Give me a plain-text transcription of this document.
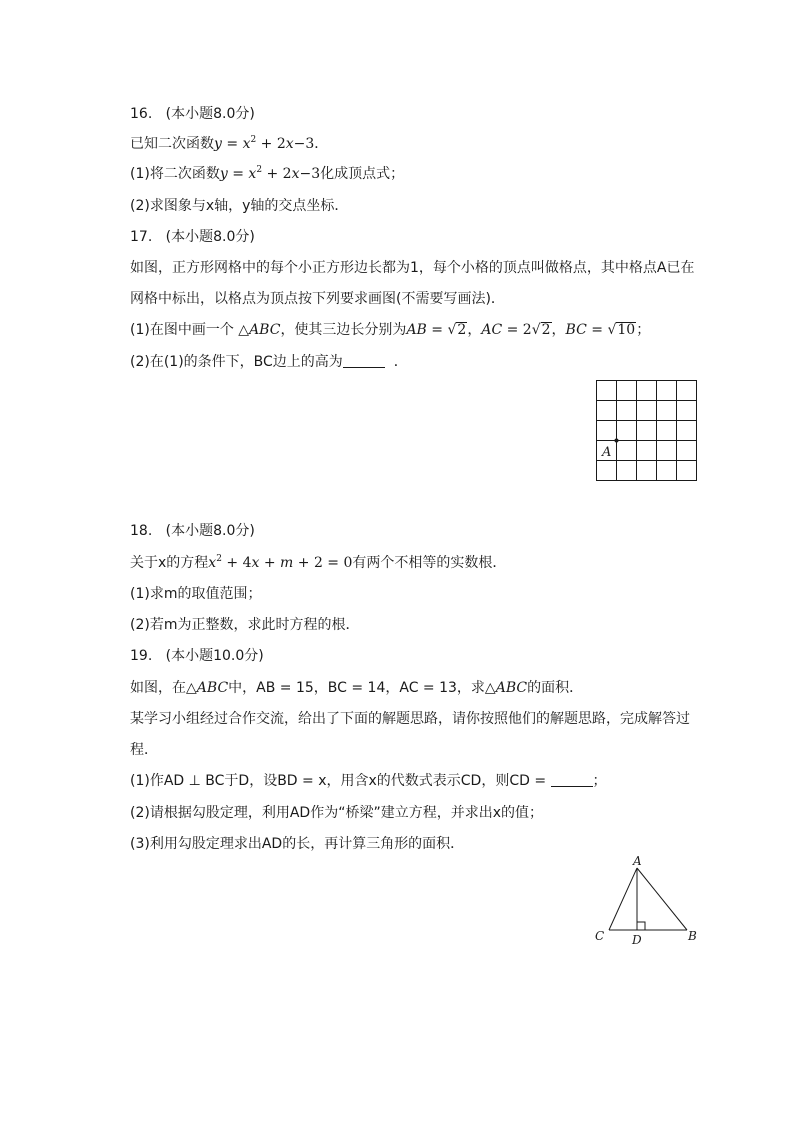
16. (本小题8.0分)
已知二次函数$y = x^2 + 2x-3$．
(1)将二次函数$y = x^2 + 2x-3$化成顶点式；
(2)求图象与x轴，y轴的交点坐标．
17. (本小题8.0分)
如图，正方形网格中的每个小正方形边长都为1，每个小格的顶点叫做格点，其中格点A已在
网格中标出，以格点为顶点按下列要求画图(不需要写画法)．
(1)在图中画一个 △ABC，使其三边长分别为AB = √2，AC = 2√2，BC = √10；
(2)在(1)的条件下，BC边上的高为	．
A
18. (本小题8.0分)
关于x的方程$x^2 + 4x + m + 2 = 0$有两个不相等的实数根．
(1)求m的取值范围；
(2)若m为正整数，求此时方程的根．
19. (本小题10.0分)
如图，在△ABC中，AB = 15，BC = 14，AC = 13，求△ABC的面积．
某学习小组经过合作交流，给出了下面的解题思路，请你按照他们的解题思路，完成解答过
程．
(1)作AD ⊥ BC于D，设BD = x，用含x的代数式表示CD，则CD =	；
(2)请根据勾股定理，利用AD作为“桥梁”建立方程，并求出x的值；
(3)利用勾股定理求出AD的长，再计算三角形的面积．
A
C D	B
